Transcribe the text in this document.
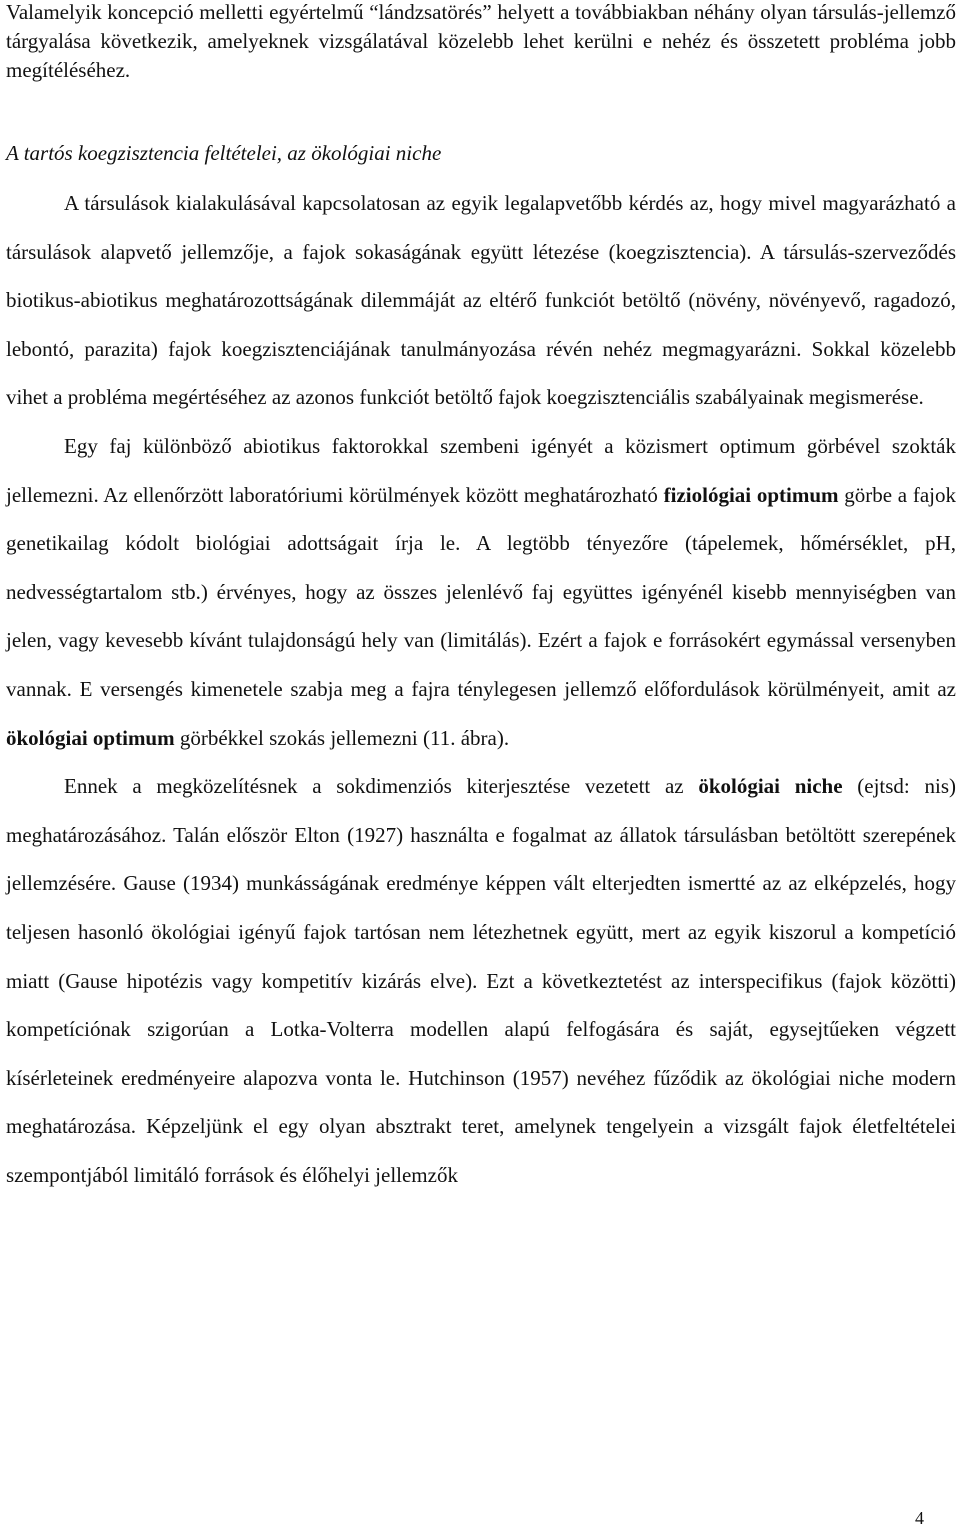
Valamelyik koncepció melletti egyértelmű “lándzsatörés” helyett a továbbiakban néhány olyan társulás-jellemző tárgyalása következik, amelyeknek vizsgálatával közelebb lehet kerülni e nehéz és összetett probléma jobb megítéléséhez.

A tartós koegzisztencia feltételei, az ökológiai niche

A társulások kialakulásával kapcsolatosan az egyik legalapvetőbb kérdés az, hogy mivel magyarázható a társulások alapvető jellemzője, a fajok sokaságának együtt létezése (koegzisztencia). A társulás-szerveződés biotikus-abiotikus meghatározottságának dilemmáját az eltérő funkciót betöltő (növény, növényevő, ragadozó, lebontó, parazita) fajok koegzisztenciájának tanulmányozása révén nehéz megmagyarázni. Sokkal közelebb vihet a probléma megértéséhez az azonos funkciót betöltő fajok koegzisztenciális szabályainak megismerése.

Egy faj különböző abiotikus faktorokkal szembeni igényét a közismert optimum görbével szokták jellemezni. Az ellenőrzött laboratóriumi körülmények között meghatározható fiziológiai optimum görbe a fajok genetikailag kódolt biológiai adottságait írja le. A legtöbb tényezőre (tápelemek, hőmérséklet, pH, nedvességtartalom stb.) érvényes, hogy az összes jelenlévő faj együttes igényénél kisebb mennyiségben van jelen, vagy kevesebb kívánt tulajdonságú hely van (limitálás). Ezért a fajok e forrásokért egymással versenyben vannak. E versengés kimenetele szabja meg a fajra ténylegesen jellemző előfordulások körülményeit, amit az ökológiai optimum görbékkel szokás jellemezni (11. ábra).

Ennek a megközelítésnek a sokdimenziós kiterjesztése vezetett az ökológiai niche (ejtsd: nis) meghatározásához. Talán először Elton (1927) használta e fogalmat az állatok társulásban betöltött szerepének jellemzésére. Gause (1934) munkásságának eredménye képpen vált elterjedten ismertté az az elképzelés, hogy teljesen hasonló ökológiai igényű fajok tartósan nem létezhetnek együtt, mert az egyik kiszorul a kompetíció miatt (Gause hipotézis vagy kompetitív kizárás elve). Ezt a következtetést az interspecifikus (fajok közötti) kompetíciónak szigorúan a Lotka-Volterra modellen alapú felfogására és saját, egysejtűeken végzett kísérleteinek eredményeire alapozva vonta le. Hutchinson (1957) nevéhez fűződik az ökológiai niche modern meghatározása. Képzeljünk el egy olyan absztrakt teret, amelynek tengelyein a vizsgált fajok életfeltételei szempontjából limitáló források és élőhelyi jellemzők

4
